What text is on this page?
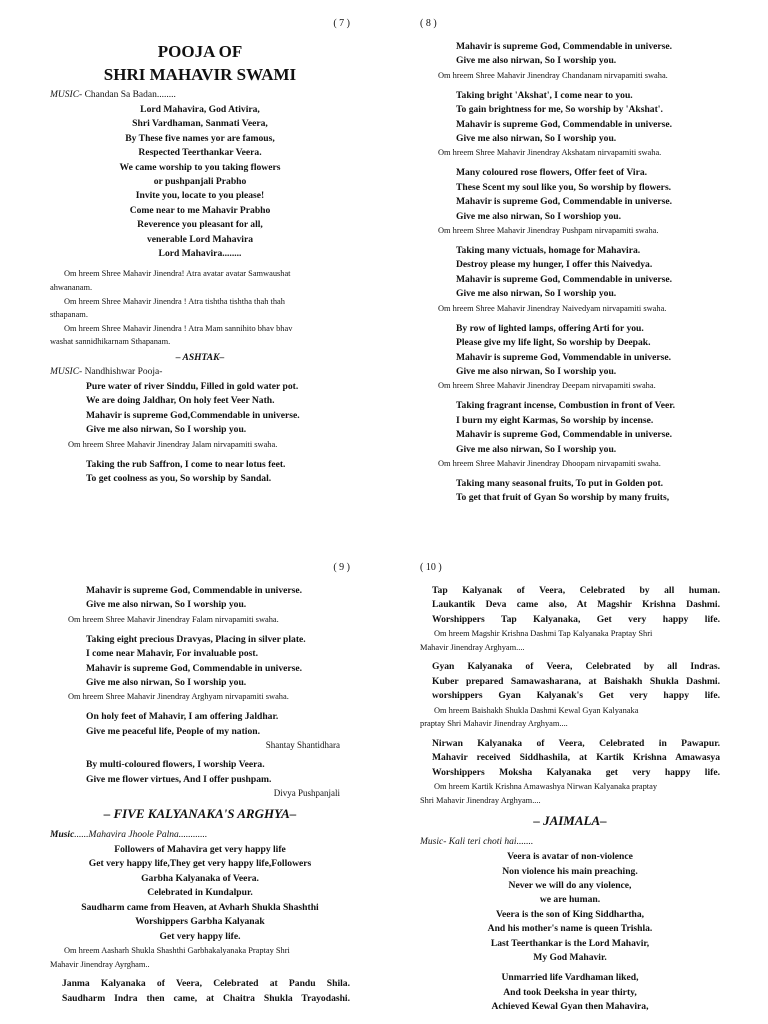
( 7 )
POOJA OF
SHRI MAHAVIR SWAMI
MUSIC- Chandan Sa Badan........
Lord Mahavira, God Ativira,
Shri Vardhaman, Sanmati Veera,
By These five names yor are famous,
Respected Teerthankar Veera.
We came worship to you taking flowers
or pushpanjali Prabho
Invite you, locate to you please!
Come near to me Mahavir Prabho
Reverence you pleasant for all,
venerable Lord Mahavira
Lord Mahavira........
Om hreem Shree Mahavir Jinendra! Atra avatar avatar Samwaushat
ahwananam.
Om hreem Shree Mahavir Jinendra ! Atra tishtha tishtha thah thah
sthapanam.
Om hreem Shree Mahavir Jinendra ! Atra Mam sannihito bhav bhav
washat sannidhikarnam Sthapanam.
– ASHTAK–
MUSIC- Nandhishwar Pooja-
Pure water of river Sinddu, Filled in gold water pot.
We are doing Jaldhar, On holy feet Veer Nath.
Mahavir is supreme God,Commendable in universe.
Give me also nirwan, So I worship you.
Om hreem Shree Mahavir Jinendray Jalam nirvapamiti swaha.
Taking the rub Saffron, I come to near lotus feet.
To get coolness as you, So worship by Sandal.
( 8 )
Mahavir is supreme God, Commendable in universe.
Give me also nirwan, So I worship you.
Om hreem Shree Mahavir Jinendray Chandanam nirvapamiti swaha.
Taking bright 'Akshat', I come near to you.
To gain brightness for me, So worship by 'Akshat'.
Mahavir is supreme God, Commendable in universe.
Give me also nirwan, So I worship you.
Om hreem Shree Mahavir Jinendray Akshatam nirvapamiti swaha.
Many coloured rose flowers, Offer feet of Vira.
These Scent my soul like you, So worship by flowers.
Mahavir is supreme God, Commendable in universe.
Give me also nirwan, So I worshiop you.
Om hreem Shree Mahavir Jinendray Pushpam nirvapamiti swaha.
Taking many victuals, homage for Mahavira.
Destroy please my hunger, I offer this Naivedya.
Mahavir is supreme God, Commendable in universe.
Give me also nirwan, So I worship you.
Om hreem Shree Mahavir Jinendray Naivedyam nirvapamiti swaha.
By row of lighted lamps, offering Arti for you.
Please give my life light, So worship by Deepak.
Mahavir is supreme God, Vommendable in universe.
Give me also nirwan, So I worship you.
Om hreem Shree Mahavir Jinendray Deepam nirvapamiti swaha.
Taking fragrant incense, Combustion in front of Veer.
I burn my eight Karmas, So worship by incense.
Mahavir is supreme God, Commendable in universe.
Give me also nirwan, So I worship you.
Om hreem Shree Mahavir Jinendray Dhoopam nirvapamiti swaha.
Taking many seasonal fruits, To put in Golden pot.
To get that fruit of Gyan So worship by many fruits,
( 9 )
Mahavir is supreme God, Commendable in universe.
Give me also nirwan, So I worship you.
Om hreem Shree Mahavir Jinendray Falam nirvapamiti swaha.
Taking eight precious Dravyas, Placing in silver plate.
I come near Mahavir, For invaluable post.
Mahavir is supreme God, Commendable in universe.
Give me also nirwan, So I worship you.
Om hreem Shree Mahavir Jinendray Arghyam nirvapamiti swaha.
On holy feet of Mahavir, I am offering Jaldhar.
Give me peaceful life, People of my nation.
Shantay Shantidhara
By multi-coloured flowers, I worship Veera.
Give me flower virtues, And I offer pushpam.
Divya Pushpanjali
– FIVE KALYANAKA'S ARGHYA–
Music......Mahavira Jhoole Palna............
Followers of Mahavira get very happy life
Get very happy life,They get very happy life,Followers
Garbha Kalyanaka of Veera.
Celebrated in Kundalpur.
Saudharm came from Heaven, at Avharh Shukla Shashthi
Worshippers Garbha Kalyanak
Get very happy life.
Om hreem Aasharh Shukla Shashthi Garbhakalyanaka Praptay Shri
Mahavir Jinendray Ayrgham..
Janma Kalyanaka of Veera, Celebrated at Pandu Shila.
Saudharm Indra then came, at Chaitra Shukla Trayodashi.
( 10 )
Tap Kalyanak of Veera, Celebrated by all human.
Laukantik Deva came also, At Magshir Krishna Dashmi.
Worshippers Tap Kalyanaka, Get very happy life.
Om hreem Magshir Krishna Dashmi Tap Kalyanaka Praptay Shri
Mahavir Jinendray Arghyam....
Gyan Kalyanaka of Veera, Celebrated by all Indras.
Kuber prepared Samawasharana, at Baishakh Shukla Dashmi.
worshippers Gyan Kalyanak's Get very happy life.
Om hreem Baishakh Shukla Dashmi Kewal Gyan Kalyanaka
praptay Shri Mahavir Jinendray Arghyam....
Nirwan Kalyanaka of Veera, Celebrated in Pawapur.
Mahavir received Siddhashila, at Kartik Krishna Amawasya
Worshippers Moksha Kalyanaka get very happy life.
Om hreem Kartik Krishna Amawashya Nirwan Kalyanaka praptay
Shri Mahavir Jinendray Arghyam....
– JAIMALA–
Music- Kali teri choti hai.......
Veera is avatar of non-violence
Non violence his main preaching.
Never we will do any violence,
we are human.
Veera is the son of King Siddhartha,
And his mother's name is queen Trishla.
Last Teerthankar is the Lord Mahavir,
My God Mahavir.
Unmarried life Vardhaman liked,
And took Deeksha in year thirty,
Achieved Kewal Gyan then Mahavira,
